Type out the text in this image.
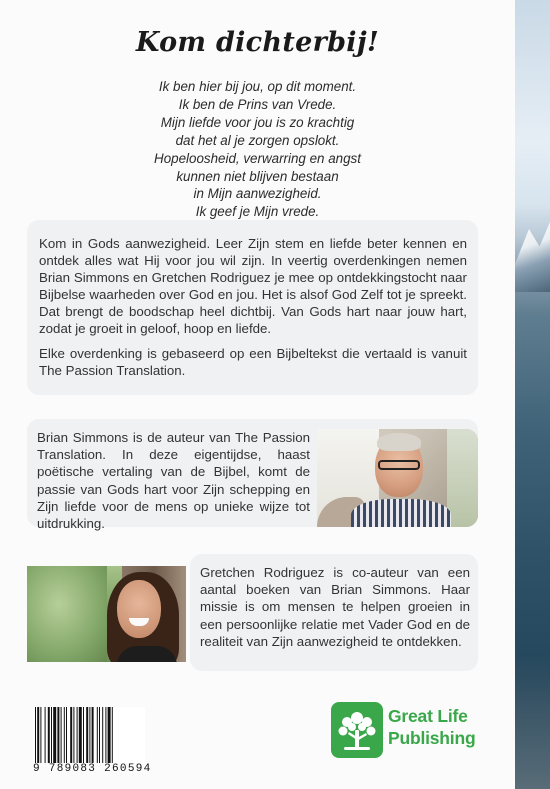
Kom dichterbij!
Ik ben hier bij jou, op dit moment.
Ik ben de Prins van Vrede.
Mijn liefde voor jou is zo krachtig
dat het al je zorgen opslokt.
Hopeloosheid, verwarring en angst
kunnen niet blijven bestaan
in Mijn aanwezigheid.
Ik geef je Mijn vrede.
Kom in Gods aanwezigheid. Leer Zijn stem en liefde beter kennen en ontdek alles wat Hij voor jou wil zijn. In veertig overdenkingen nemen Brian Simmons en Gretchen Rodriguez je mee op ontdekkingstocht naar Bijbelse waarheden over God en jou. Het is alsof God Zelf tot je spreekt. Dat brengt de boodschap heel dichtbij. Van Gods hart naar jouw hart, zodat je groeit in geloof, hoop en liefde.
Elke overdenking is gebaseerd op een Bijbeltekst die vertaald is vanuit The Passion Translation.
Brian Simmons is de auteur van The Passion Translation. In deze eigentijdse, haast poëtische vertaling van de Bijbel, komt de passie van Gods hart voor Zijn schepping en Zijn liefde voor de mens op unieke wijze tot uitdrukking.
Gretchen Rodriguez is co-auteur van een aantal boeken van Brian Simmons. Haar missie is om mensen te helpen groeien in een persoonlijke relatie met Vader God en de realiteit van Zijn aanwezigheid te ontdekken.
9 789083 260594
Great Life
Publishing
